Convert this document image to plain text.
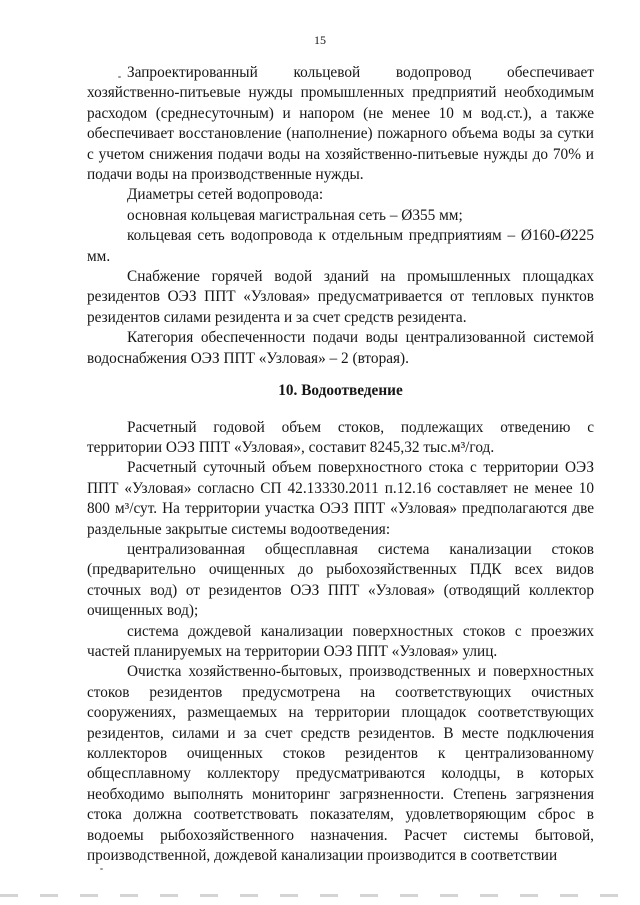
15

Запроектированный кольцевой водопровод обеспечивает хозяйственно-питьевые нужды промышленных предприятий необходимым расходом (среднесуточным) и напором (не менее 10 м вод.ст.), а также обеспечивает восстановление (наполнение) пожарного объема воды за сутки с учетом снижения подачи воды на хозяйственно-питьевые нужды до 70% и подачи воды на производственные нужды.

Диаметры сетей водопровода:

основная кольцевая магистральная сеть – Ø355 мм;

кольцевая сеть водопровода к отдельным предприятиям – Ø160-Ø225 мм.

Снабжение горячей водой зданий на промышленных площадках резидентов ОЭЗ ППТ «Узловая» предусматривается от тепловых пунктов резидентов силами резидента и за счет средств резидента.

Категория обеспеченности подачи воды централизованной системой водоснабжения ОЭЗ ППТ «Узловая» – 2 (вторая).

10. Водоотведение

Расчетный годовой объем стоков, подлежащих отведению с территории ОЭЗ ППТ «Узловая», составит 8245,32 тыс.м³/год.

Расчетный суточный объем поверхностного стока с территории ОЭЗ ППТ «Узловая» согласно СП 42.13330.2011 п.12.16 составляет не менее 10 800 м³/сут. На территории участка ОЭЗ ППТ «Узловая» предполагаются две раздельные закрытые системы водоотведения:

централизованная общесплавная система канализации стоков (предварительно очищенных до рыбохозяйственных ПДК всех видов сточных вод) от резидентов ОЭЗ ППТ «Узловая» (отводящий коллектор очищенных вод);

система дождевой канализации поверхностных стоков с проезжих частей планируемых на территории ОЭЗ ППТ «Узловая» улиц.

Очистка хозяйственно-бытовых, производственных и поверхностных стоков резидентов предусмотрена на соответствующих очистных сооружениях, размещаемых на территории площадок соответствующих резидентов, силами и за счет средств резидентов. В месте подключения коллекторов очищенных стоков резидентов к централизованному общесплавному коллектору предусматриваются колодцы, в которых необходимо выполнять мониторинг загрязненности. Степень загрязнения стока должна соответствовать показателям, удовлетворяющим сброс в водоемы рыбохозяйственного назначения. Расчет системы бытовой, производственной, дождевой канализации производится в соответствии
